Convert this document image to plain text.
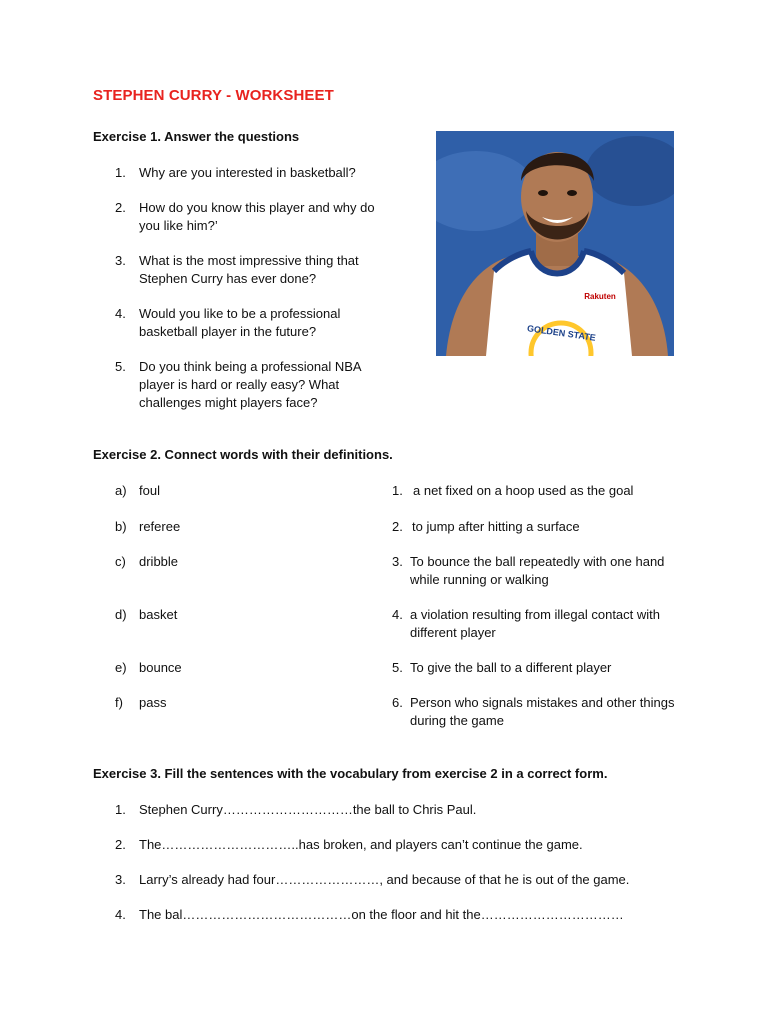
STEPHEN CURRY - WORKSHEET
Exercise 1. Answer the questions
1. Why are you interested in basketball?
2. How do you know this player and why do you like him?’
3. What is the most impressive thing that Stephen Curry has ever done?
4. Would you like to be a professional basketball player in the future?
5. Do you think being a professional NBA player is hard or really easy? What challenges might players face?
GOLDEN STATE
Rakuten
Exercise 2. Connect words with their definitions.
a) foul
b) referee
c) dribble
d) basket
e) bounce
f) pass
1. a net fixed on a hoop used as the goal
2. to jump after hitting a surface
3. To bounce the ball repeatedly with one hand while running or walking
4. a violation resulting from illegal contact with different player
5. To give the ball to a different player
6. Person who signals mistakes and other things during the game
Exercise 3. Fill the sentences with the vocabulary from exercise 2 in a correct form.
1. Stephen Curry…………………………the ball to Chris Paul.
2. The…………………………..has broken, and players can’t continue the game.
3. Larry’s already had four……………………, and because of that he is out of the game.
4. The bal…………………………………on the floor and hit the……………………………
